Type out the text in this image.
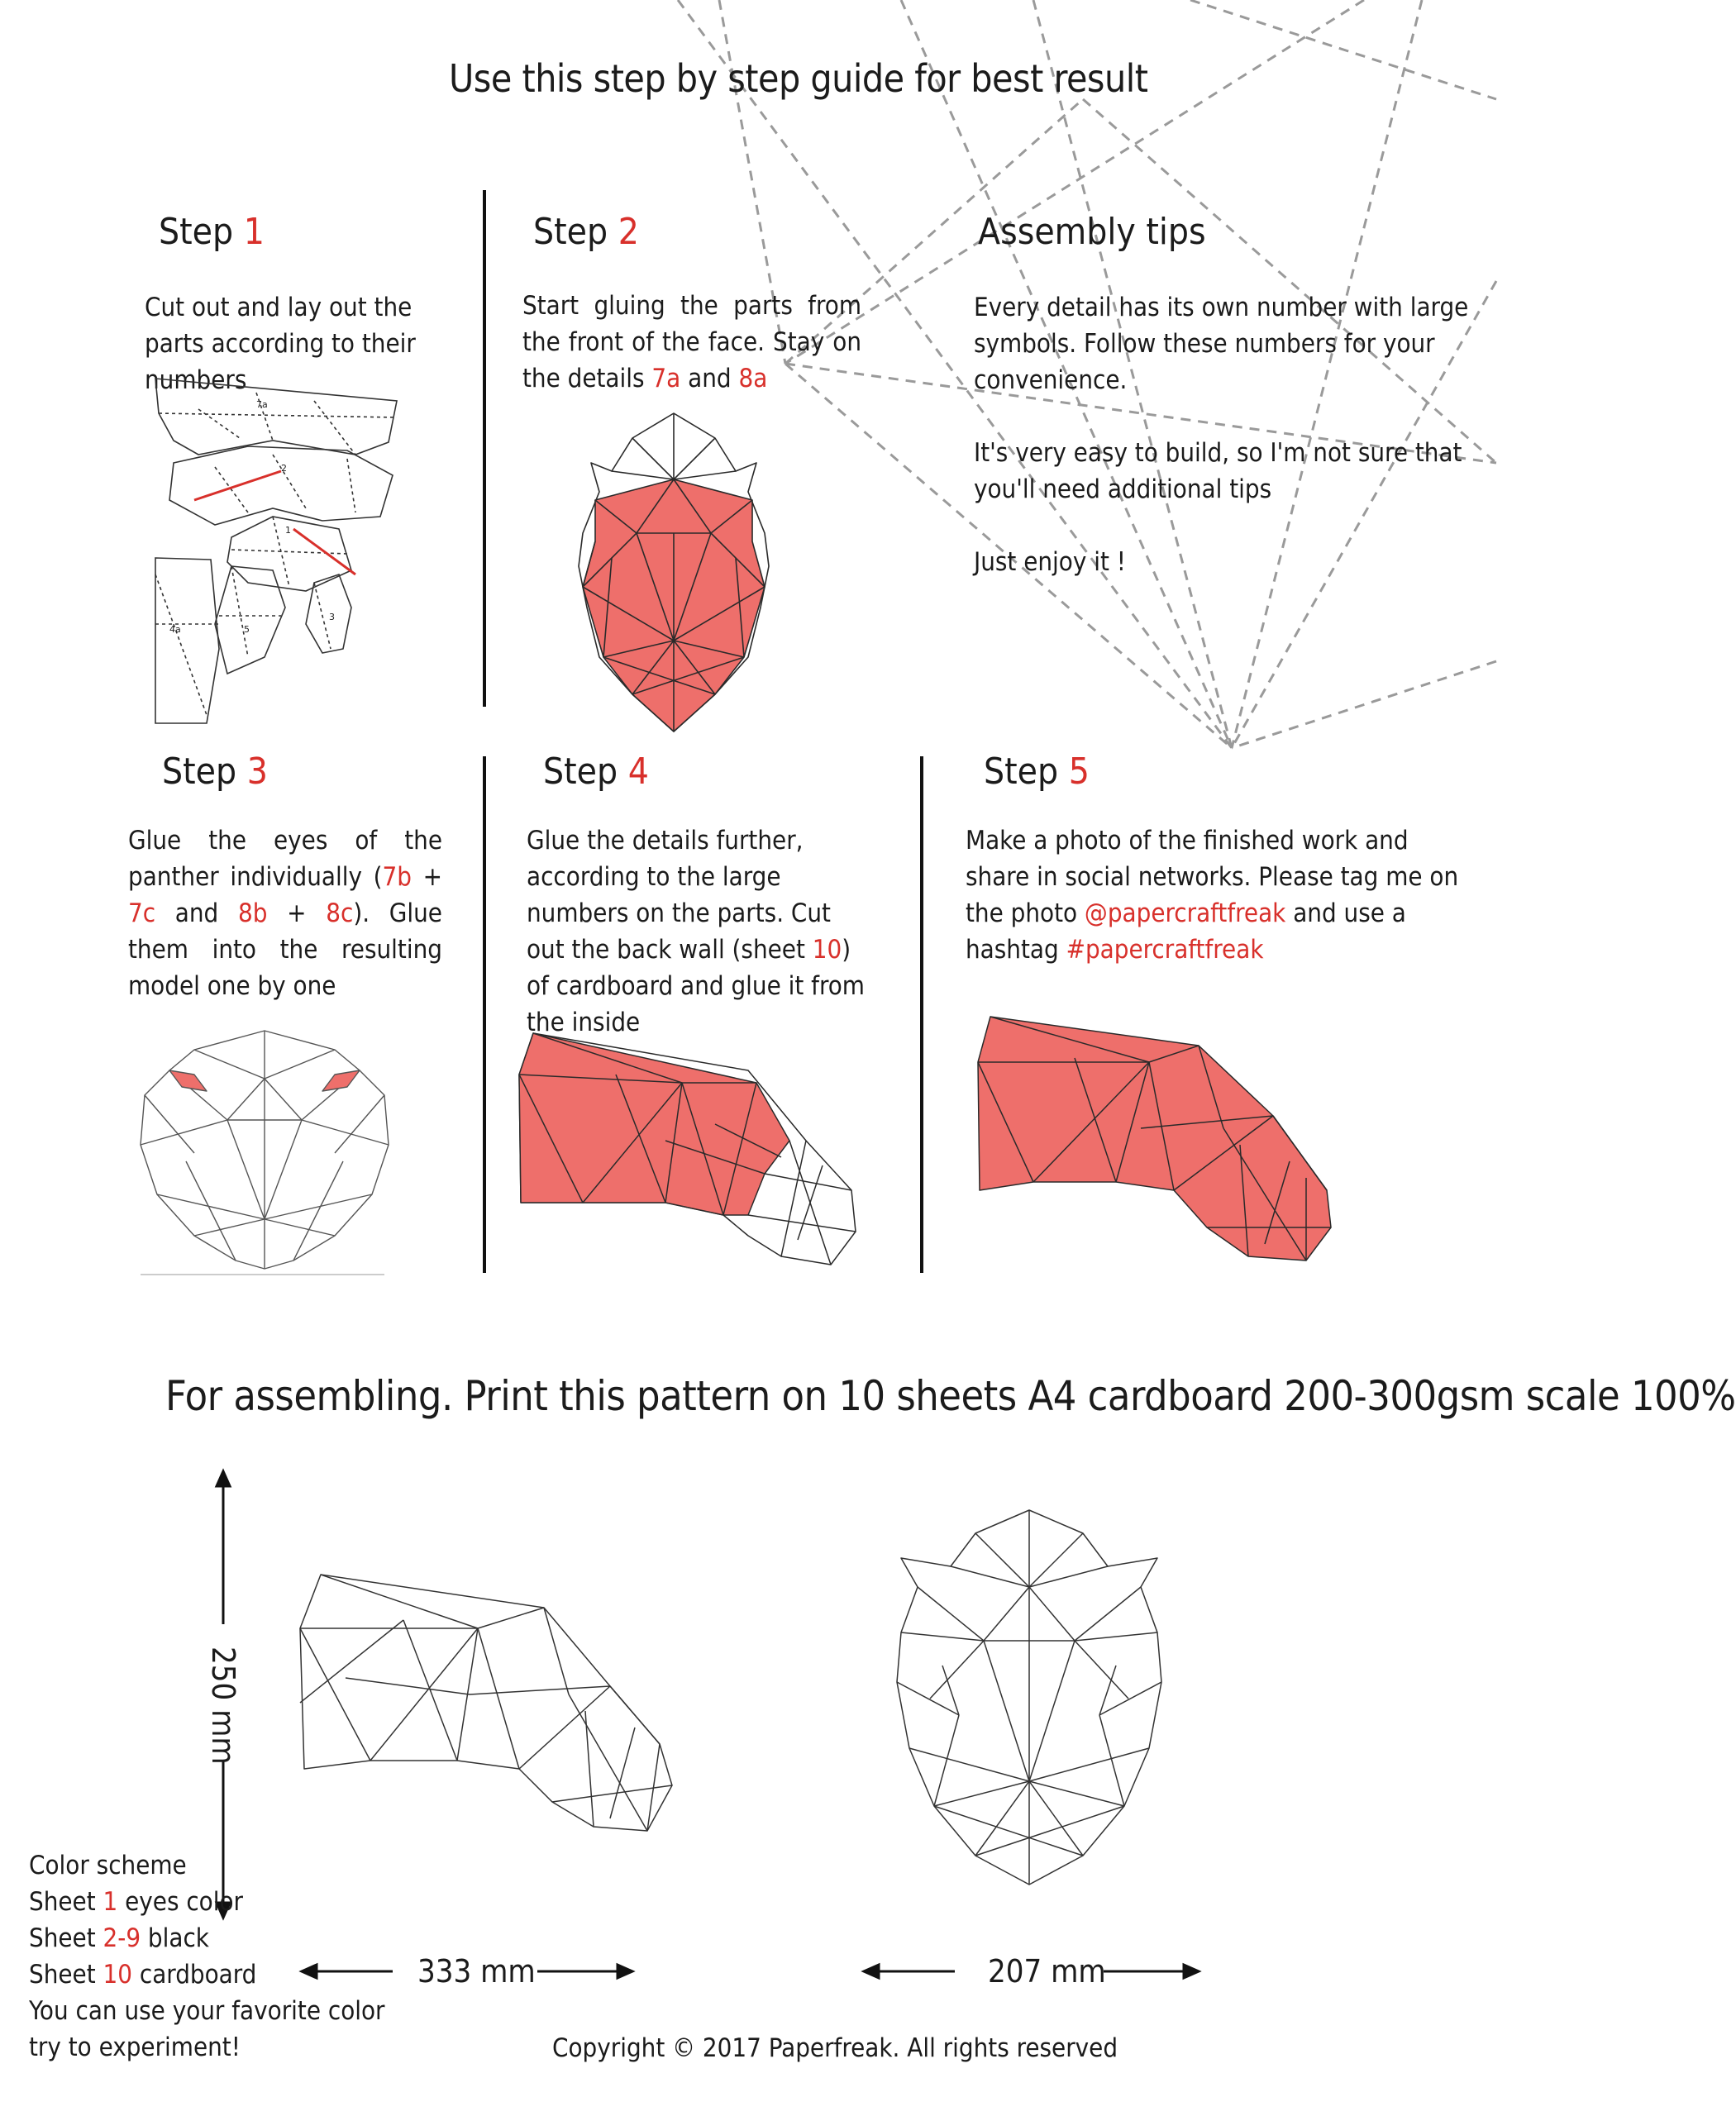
Use this step by step guide for best result
Step 1
Cut out and lay out the parts according to their numbers
7a
2
1
4a	5
3
Step 2
Start gluing the parts from the front of the face. Stay on the details 7a and 8a
Assembly tips

Every detail has its own number with large symbols. Follow these numbers for your convenience.

It's very easy to build, so I'm not sure that you'll need additional tips

Just enjoy it !

Step 3
Glue the eyes of the panther individually (7b + 7c and 8b + 8c). Glue them into the resulting model one by one
Step 4
Glue the details further, according to the large numbers on the parts. Cut out the back wall (sheet 10) of cardboard and glue it from the inside
Step 5
Make a photo of the finished work and share in social networks. Please tag me on the photo @papercraftfreak and use a hashtag #papercraftfreak
For assembling. Print this pattern on 10 sheets A4 cardboard 200-300gsm scale 100%
250 mm
333 mm	207 mm
Color scheme
Sheet 1 eyes color
Sheet 2-9 black
Sheet 10 cardboard
You can use your favorite color
try to experiment!	Copyright © 2017 Paperfreak. All rights reserved
